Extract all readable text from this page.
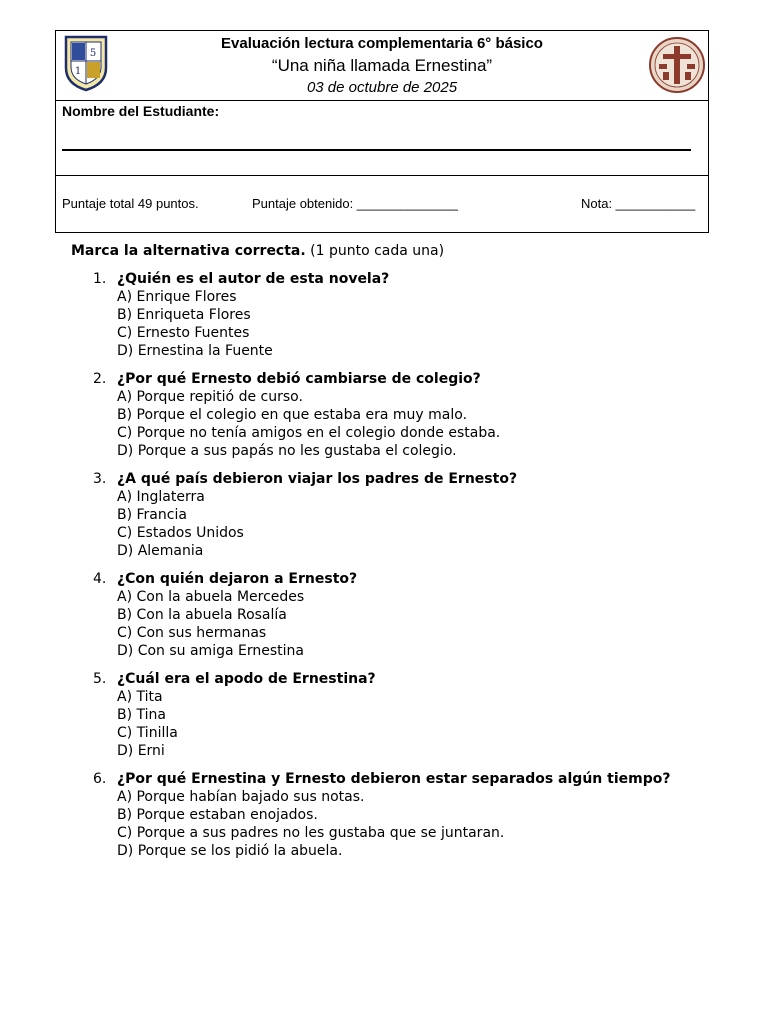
5
1
Evaluación lectura complementaria 6° básico
“Una niña llamada Ernestina”
03 de octubre de 2025
Nombre del Estudiante:
Puntaje total 49 puntos.	Puntaje obtenido: ______________	Nota: ___________
Marca la alternativa correcta. (1 punto cada una)
1. ¿Quién es el autor de esta novela?
A) Enrique Flores
B) Enriqueta Flores
C) Ernesto Fuentes
D) Ernestina la Fuente
2. ¿Por qué Ernesto debió cambiarse de colegio?
A) Porque repitió de curso.
B) Porque el colegio en que estaba era muy malo.
C) Porque no tenía amigos en el colegio donde estaba.
D) Porque a sus papás no les gustaba el colegio.
3. ¿A qué país debieron viajar los padres de Ernesto?
A) Inglaterra
B) Francia
C) Estados Unidos
D) Alemania
4. ¿Con quién dejaron a Ernesto?
A) Con la abuela Mercedes
B) Con la abuela Rosalía
C) Con sus hermanas
D) Con su amiga Ernestina
5. ¿Cuál era el apodo de Ernestina?
A) Tita
B) Tina
C) Tinilla
D) Erni
6. ¿Por qué Ernestina y Ernesto debieron estar separados algún tiempo?
A) Porque habían bajado sus notas.
B) Porque estaban enojados.
C) Porque a sus padres no les gustaba que se juntaran.
D) Porque se los pidió la abuela.
